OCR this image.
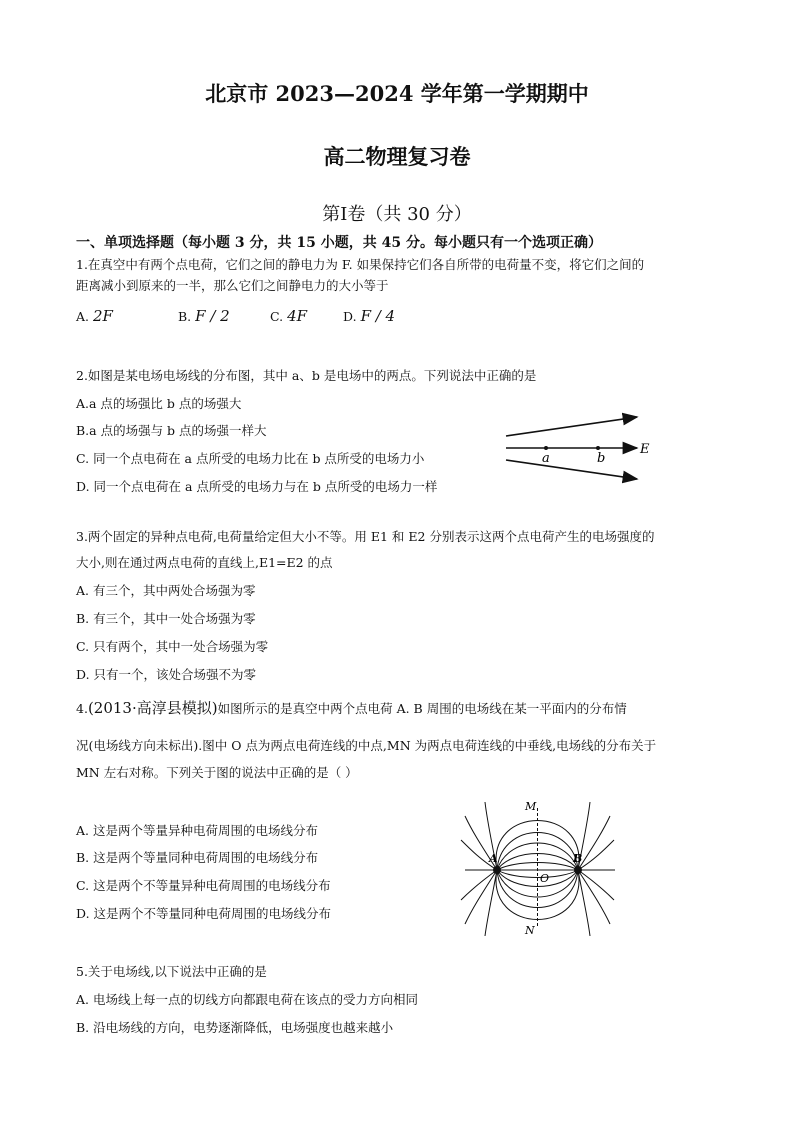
北京市 2023—2024 学年第一学期期中
高二物理复习卷
第Ⅰ卷（共 30 分）
一、单项选择题（每小题 3 分，共 15 小题，共 45 分。每小题只有一个选项正确）
1.在真空中有两个点电荷，它们之间的静电力为 F. 如果保持它们各自所带的电荷量不变，将它们之间的
距离减小到原来的一半，那么它们之间静电力的大小等于
A. 2F	B. F / 2	C. 4F	D. F / 4
2.如图是某电场电场线的分布图，其中 a、b 是电场中的两点。下列说法中正确的是
A.a 点的场强比 b 点的场强大
B.a 点的场强与 b 点的场强一样大
C. 同一个点电荷在 a 点所受的电场力比在 b 点所受的电场力小
D. 同一个点电荷在 a 点所受的电场力与在 b 点所受的电场力一样
a	b
E
3.两个固定的异种点电荷,电荷量给定但大小不等。用 E1 和 E2 分别表示这两个点电荷产生的电场强度的
大小,则在通过两点电荷的直线上,E1=E2 的点
A. 有三个，其中两处合场强为零
B. 有三个，其中一处合场强为零
C. 只有两个，其中一处合场强为零
D. 只有一个，该处合场强不为零
4.(2013·高淳县模拟)如图所示的是真空中两个点电荷 A. B 周围的电场线在某一平面内的分布情
况(电场线方向未标出).图中 O 点为两点电荷连线的中点,MN 为两点电荷连线的中垂线,电场线的分布关于
MN 左右对称。下列关于图的说法中正确的是（ ）
A. 这是两个等量异种电荷周围的电场线分布
B. 这是两个等量同种电荷周围的电场线分布
C. 这是两个不等量异种电荷周围的电场线分布
D. 这是两个不等量同种电荷周围的电场线分布
M
N
A	B
O
5.关于电场线,以下说法中正确的是
A. 电场线上每一点的切线方向都跟电荷在该点的受力方向相同
B. 沿电场线的方向，电势逐渐降低，电场强度也越来越小
